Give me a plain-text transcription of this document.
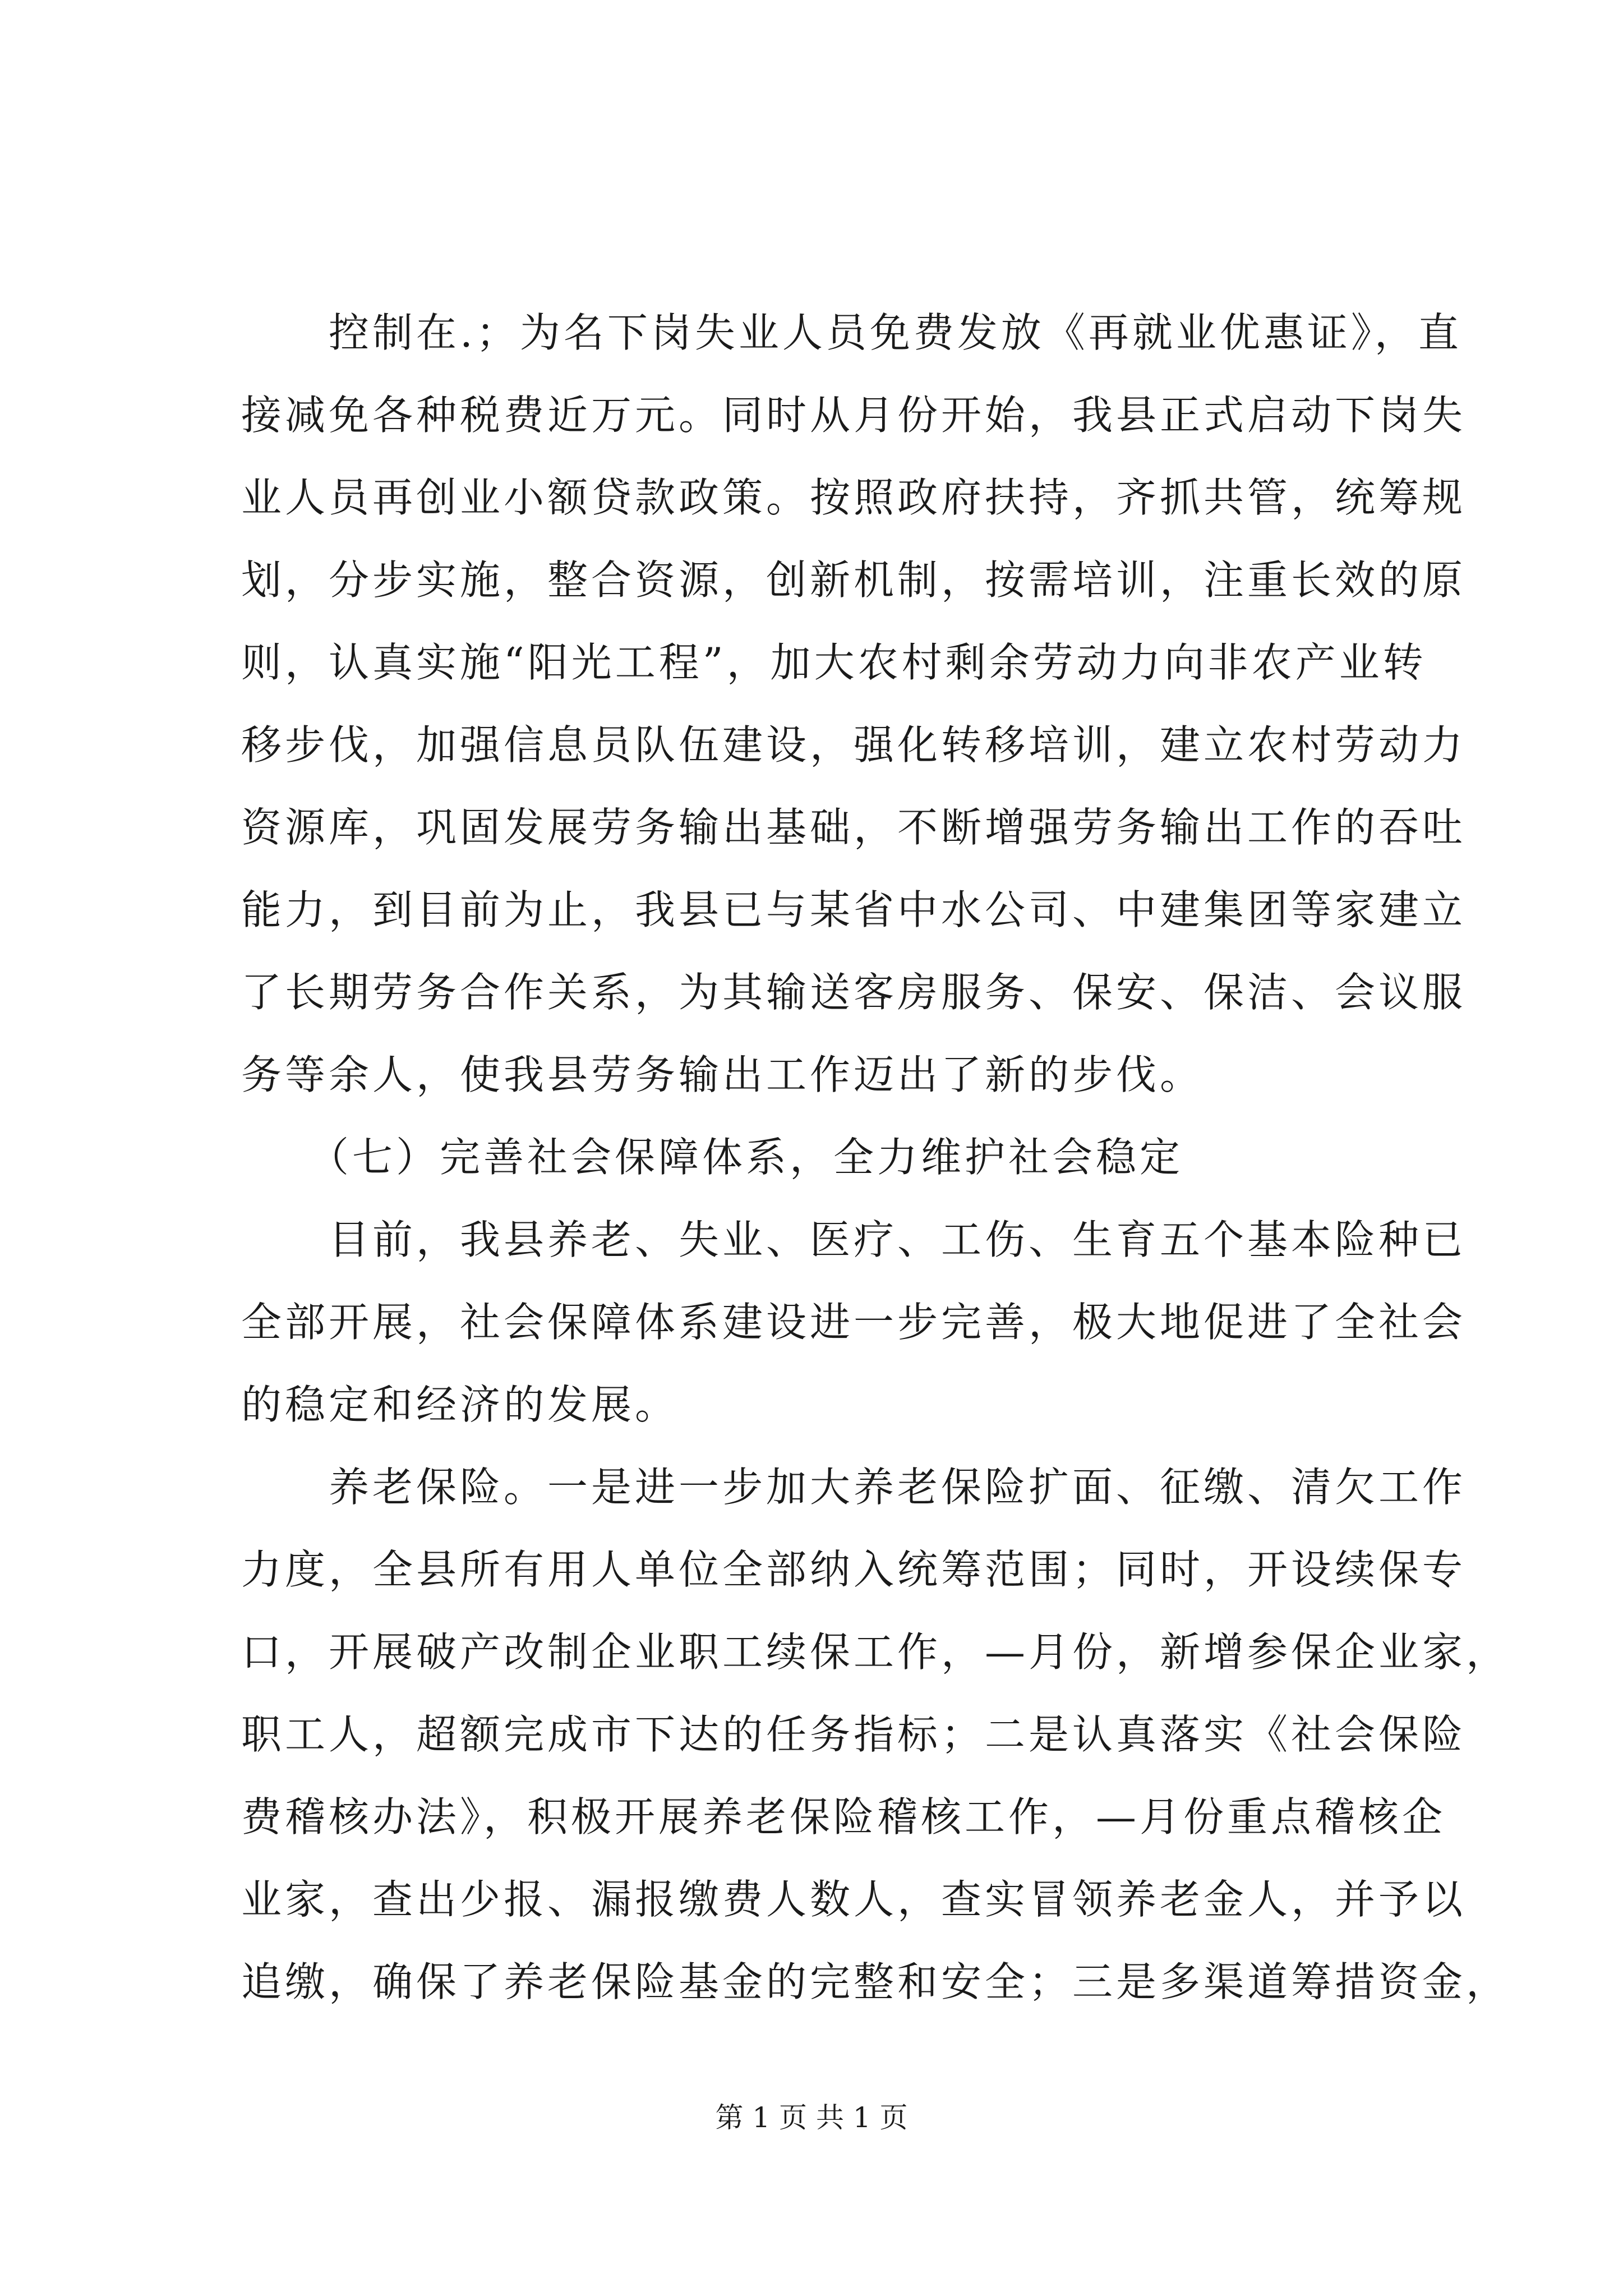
　　控制在.；为名下岗失业人员免费发放《再就业优惠证》，直
接减免各种税费近万元。同时从月份开始，我县正式启动下岗失
业人员再创业小额贷款政策。按照政府扶持，齐抓共管，统筹规
划，分步实施，整合资源，创新机制，按需培训，注重长效的原
则，认真实施“阳光工程”，加大农村剩余劳动力向非农产业转
移步伐，加强信息员队伍建设，强化转移培训，建立农村劳动力
资源库，巩固发展劳务输出基础，不断增强劳务输出工作的吞吐
能力，到目前为止，我县已与某省中水公司、中建集团等家建立
了长期劳务合作关系，为其输送客房服务、保安、保洁、会议服
务等余人，使我县劳务输出工作迈出了新的步伐。
　　（七）完善社会保障体系，全力维护社会稳定
　　目前，我县养老、失业、医疗、工伤、生育五个基本险种已
全部开展，社会保障体系建设进一步完善，极大地促进了全社会
的稳定和经济的发展。
　　养老保险。一是进一步加大养老保险扩面、征缴、清欠工作
力度，全县所有用人单位全部纳入统筹范围；同时，开设续保专
口，开展破产改制企业职工续保工作，—月份，新增参保企业家，
职工人，超额完成市下达的任务指标；二是认真落实《社会保险
费稽核办法》，积极开展养老保险稽核工作，—月份重点稽核企
业家，查出少报、漏报缴费人数人，查实冒领养老金人，并予以
追缴，确保了养老保险基金的完整和安全；三是多渠道筹措资金，
第 1 页 共 1 页
